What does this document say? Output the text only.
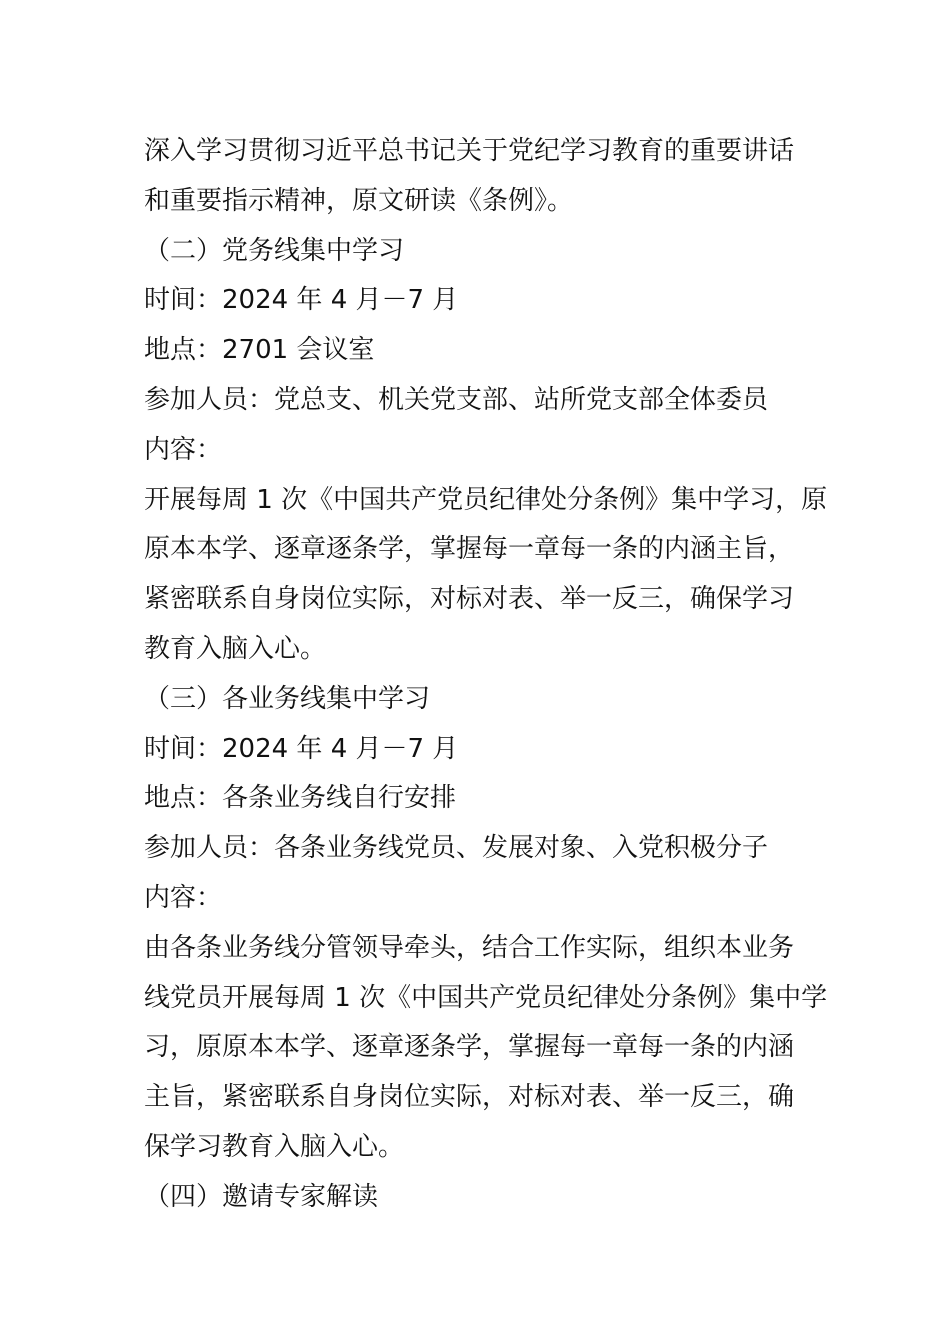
深入学习贯彻习近平总书记关于党纪学习教育的重要讲话
和重要指示精神，原文研读《条例》。
（二）党务线集中学习
时间：2024 年 4 月－7 月
地点：2701 会议室
参加人员：党总支、机关党支部、站所党支部全体委员
内容：
开展每周 1 次《中国共产党员纪律处分条例》集中学习，原
原本本学、逐章逐条学，掌握每一章每一条的内涵主旨，
紧密联系自身岗位实际，对标对表、举一反三，确保学习
教育入脑入心。
（三）各业务线集中学习
时间：2024 年 4 月－7 月
地点：各条业务线自行安排
参加人员：各条业务线党员、发展对象、入党积极分子
内容：
由各条业务线分管领导牵头，结合工作实际，组织本业务
线党员开展每周 1 次《中国共产党员纪律处分条例》集中学
习，原原本本学、逐章逐条学，掌握每一章每一条的内涵
主旨，紧密联系自身岗位实际，对标对表、举一反三，确
保学习教育入脑入心。
（四）邀请专家解读
